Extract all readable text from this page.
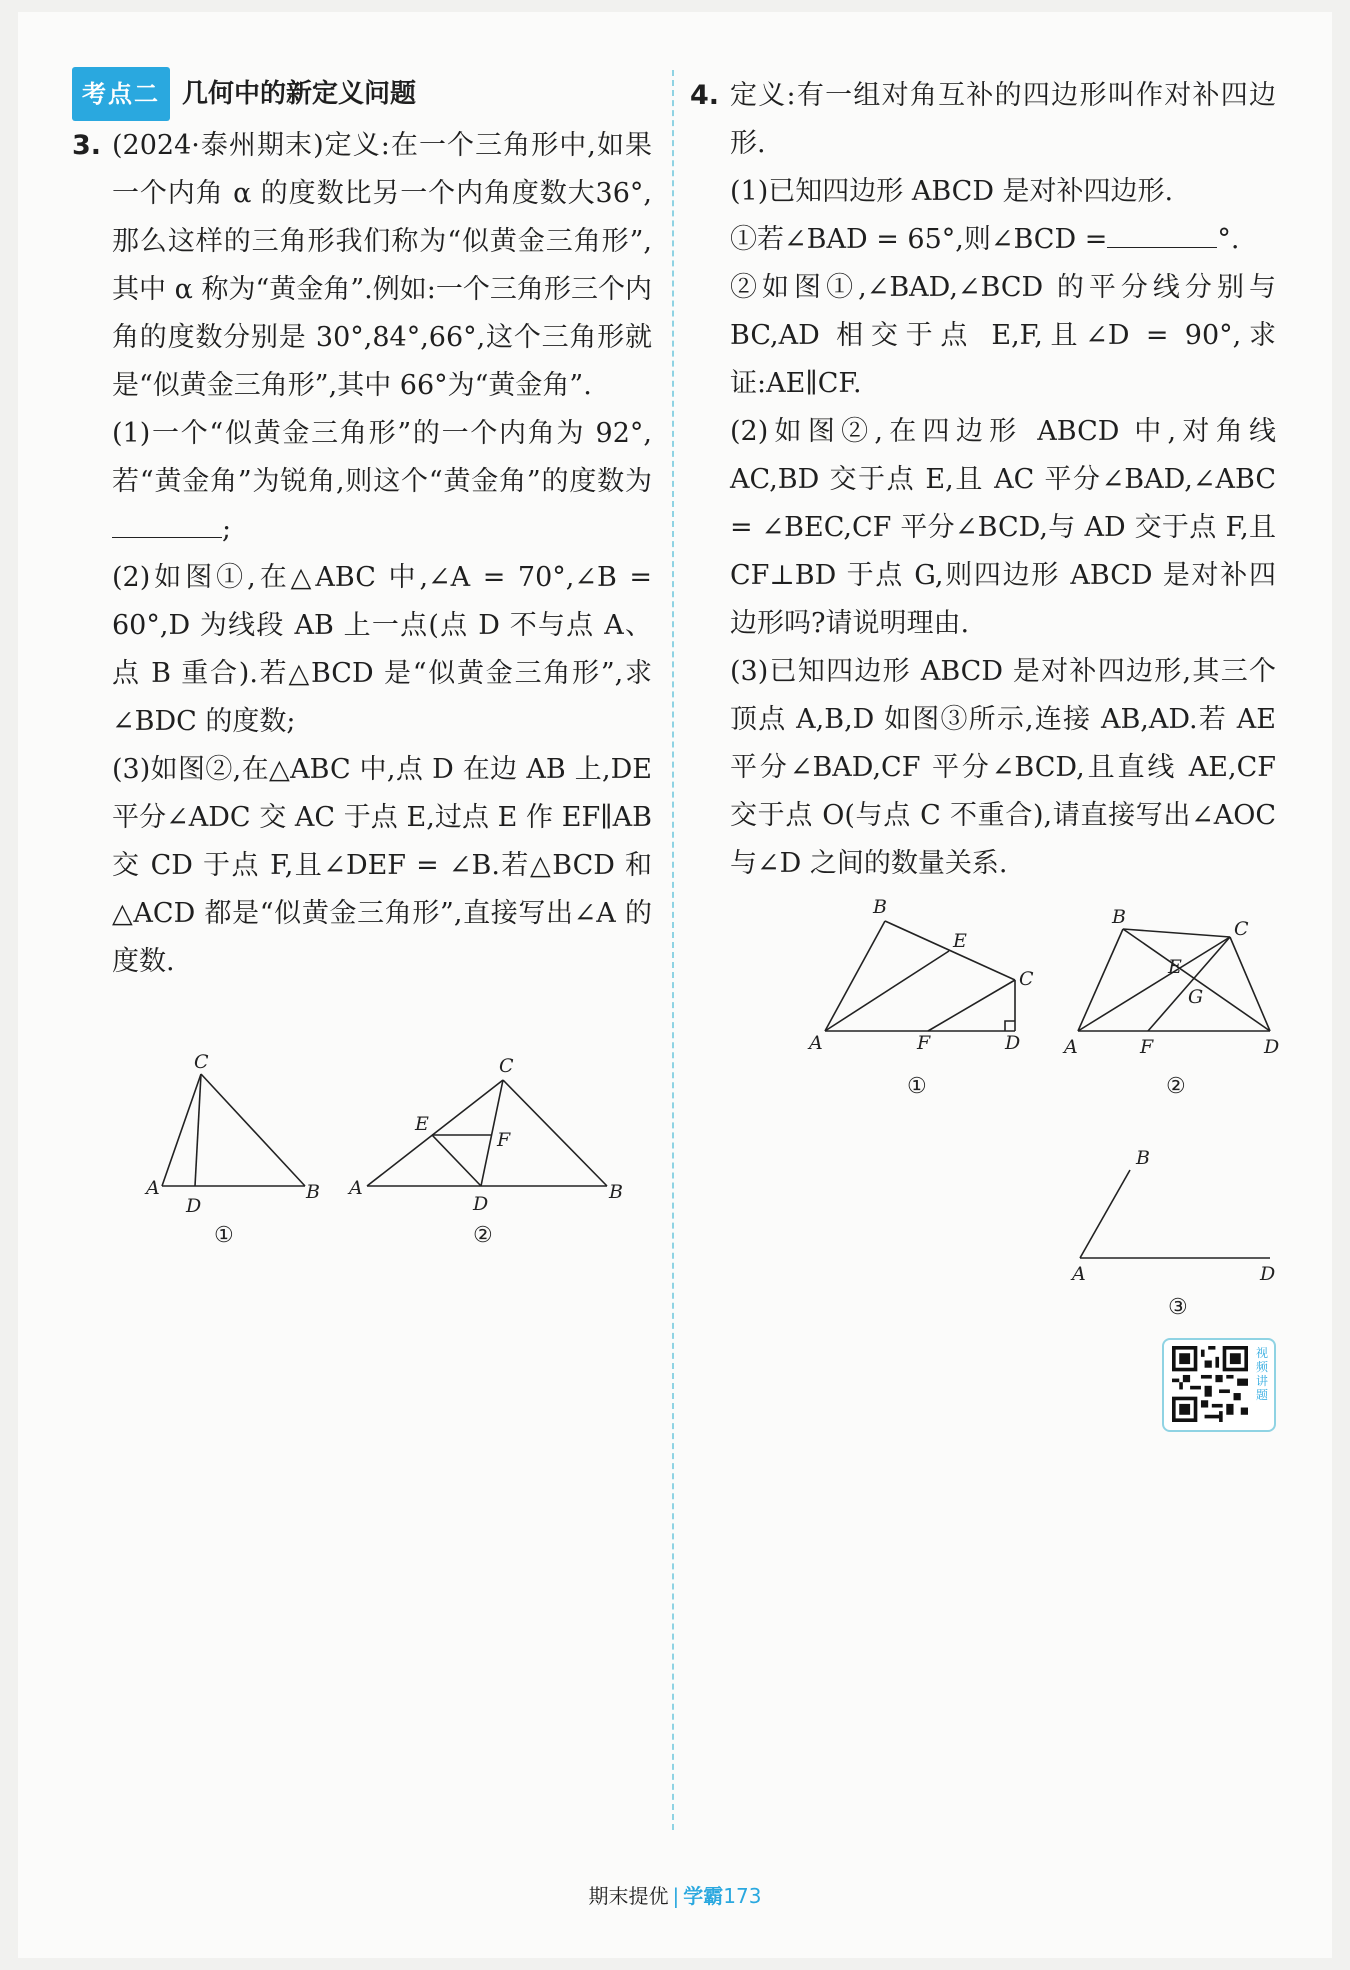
考点二 几何中的新定义问题
3. (2024·泰州期末)定义:在一个三角形中,如果一个内角 α 的度数比另一个内角度数大36°,那么这样的三角形我们称为“似黄金三角形”,其中 α 称为“黄金角”.例如:一个三角形三个内角的度数分别是 30°,84°,66°,这个三角形就是“似黄金三角形”,其中 66°为“黄金角”.
(1)一个“似黄金三角形”的一个内角为 92°,若“黄金角”为锐角,则这个“黄金角”的度数为;
(2)如图①,在△ABC 中,∠A = 70°,∠B = 60°,D 为线段 AB 上一点(点 D 不与点 A、点 B 重合).若△BCD 是“似黄金三角形”,求∠BDC 的度数;
(3)如图②,在△ABC 中,点 D 在边 AB 上,DE 平分∠ADC 交 AC 于点 E,过点 E 作 EF∥AB 交 CD 于点 F,且∠DEF = ∠B.若△BCD 和△ACD 都是“似黄金三角形”,直接写出∠A 的度数.
C
A
D
B
①
C
E
F
A
D
B
②
4. 定义:有一组对角互补的四边形叫作对补四边形.
(1)已知四边形 ABCD 是对补四边形.
①若∠BAD = 65°,则∠BCD =	°.
②如图①,∠BAD,∠BCD 的平分线分别与 BC,AD 相交于点 E,F,且∠D = 90°,求证:AE∥CF.
(2)如图②,在四边形 ABCD 中,对角线 AC,BD 交于点 E,且 AC 平分∠BAD,∠ABC = ∠BEC,CF 平分∠BCD,与 AD 交于点 F,且 CF⊥BD 于点 G,则四边形 ABCD 是对补四边形吗?请说明理由.
(3)已知四边形 ABCD 是对补四边形,其三个顶点 A,B,D 如图③所示,连接 AB,AD.若 AE 平分∠BAD,CF 平分∠BCD,且直线 AE,CF 交于点 O(与点 C 不重合),请直接写出∠AOC 与∠D 之间的数量关系.
B
E
C
A	F	D
①
B
C
E
G
A	F	D
②
B
A	D
③
视频讲题
期末提优 | 学霸173
